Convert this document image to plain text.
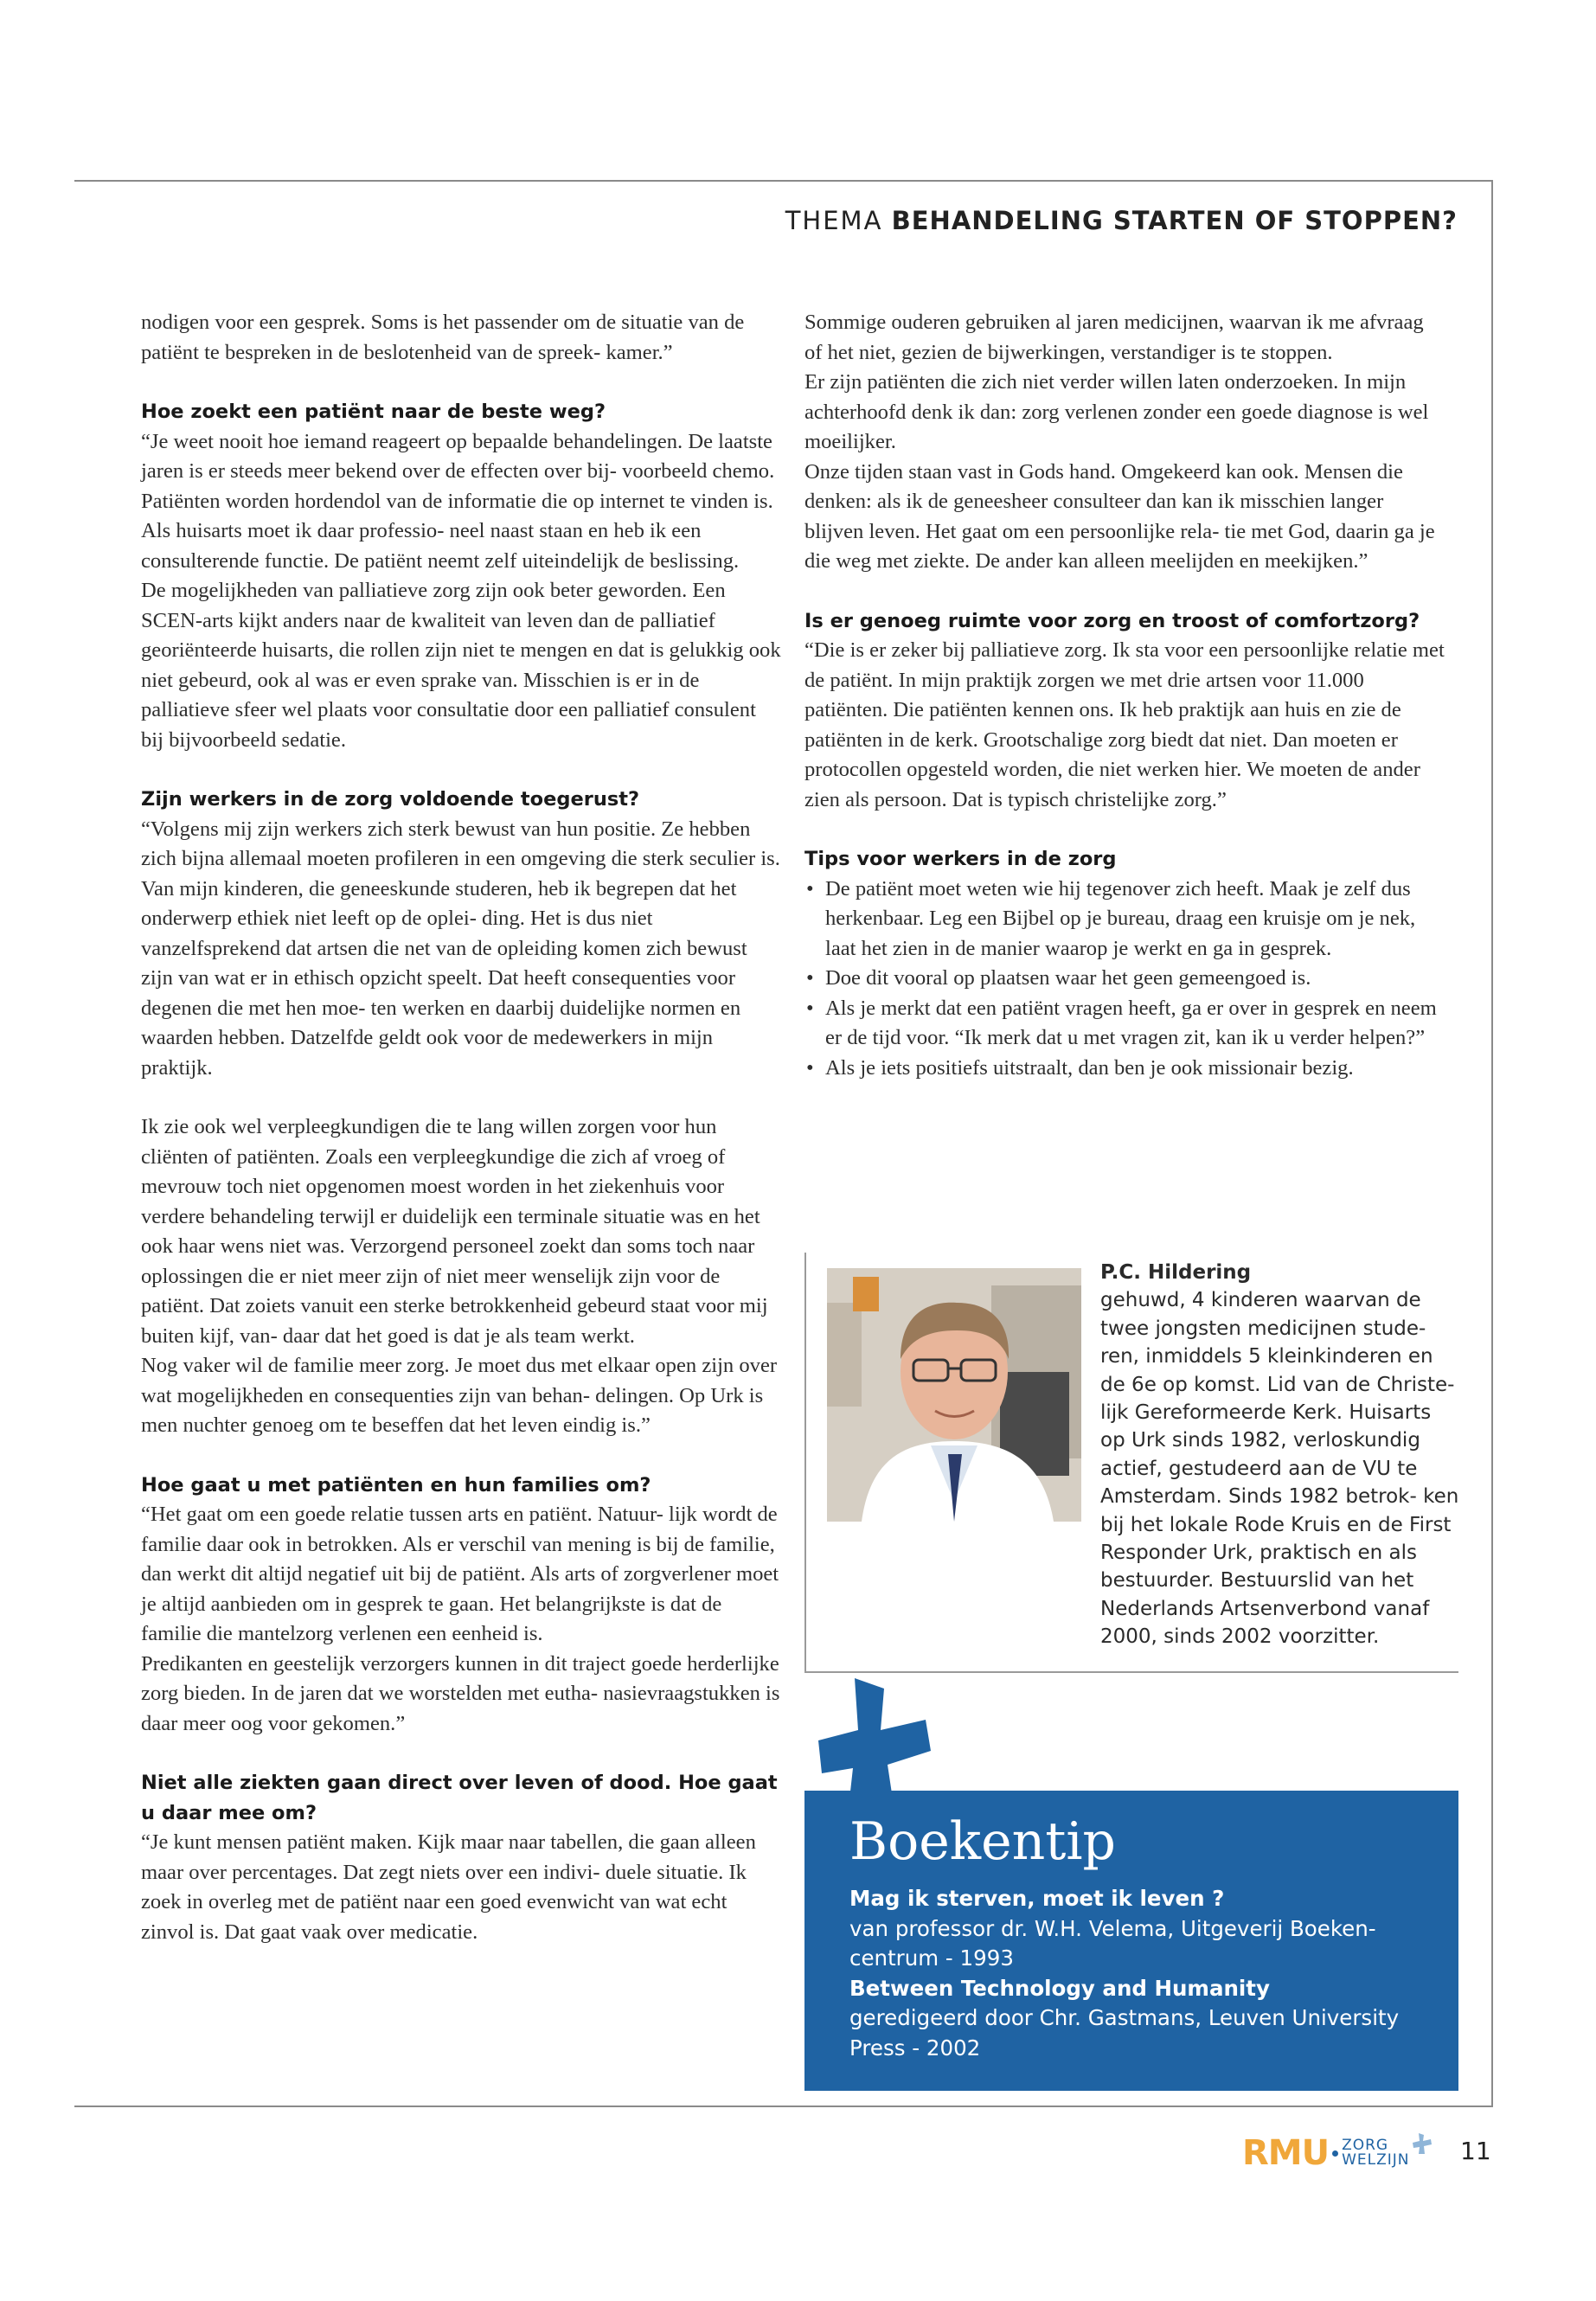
THEMA BEHANDELING STARTEN OF STOPPEN?

nodigen voor een gesprek. Soms is het passender om de situatie van de patiënt te bespreken in de beslotenheid van de spreek- kamer.”

Hoe zoekt een patiënt naar de beste weg?

“Je weet nooit hoe iemand reageert op bepaalde behandelingen. De laatste jaren is er steeds meer bekend over de effecten over bij- voorbeeld chemo. Patiënten worden hordendol van de informatie die op internet te vinden is. Als huisarts moet ik daar professio- neel naast staan en heb ik een consulterende functie. De patiënt neemt zelf uiteindelijk de beslissing.

De mogelijkheden van palliatieve zorg zijn ook beter geworden. Een SCEN-arts kijkt anders naar de kwaliteit van leven dan de palliatief georiënteerde huisarts, die rollen zijn niet te mengen en dat is gelukkig ook niet gebeurd, ook al was er even sprake van. Misschien is er in de palliatieve sfeer wel plaats voor consultatie door een palliatief consulent bij bijvoorbeeld sedatie.

Zijn werkers in de zorg voldoende toegerust?

“Volgens mij zijn werkers zich sterk bewust van hun positie. Ze hebben zich bijna allemaal moeten profileren in een omgeving die sterk seculier is. Van mijn kinderen, die geneeskunde studeren, heb ik begrepen dat het onderwerp ethiek niet leeft op de oplei- ding. Het is dus niet vanzelfsprekend dat artsen die net van de opleiding komen zich bewust zijn van wat er in ethisch opzicht speelt. Dat heeft consequenties voor degenen die met hen moe- ten werken en daarbij duidelijke normen en waarden hebben. Datzelfde geldt ook voor de medewerkers in mijn praktijk.

Ik zie ook wel verpleegkundigen die te lang willen zorgen voor hun cliënten of patiënten. Zoals een verpleegkundige die zich af vroeg of mevrouw toch niet opgenomen moest worden in het ziekenhuis voor verdere behandeling terwijl er duidelijk een terminale situatie was en het ook haar wens niet was. Verzorgend personeel zoekt dan soms toch naar oplossingen die er niet meer zijn of niet meer wenselijk zijn voor de patiënt. Dat zoiets vanuit een sterke betrokkenheid gebeurd staat voor mij buiten kijf, van- daar dat het goed is dat je als team werkt.

Nog vaker wil de familie meer zorg. Je moet dus met elkaar open zijn over wat mogelijkheden en consequenties zijn van behan- delingen. Op Urk is men nuchter genoeg om te beseffen dat het leven eindig is.”

Hoe gaat u met patiënten en hun families om?

“Het gaat om een goede relatie tussen arts en patiënt. Natuur- lijk wordt de familie daar ook in betrokken. Als er verschil van mening is bij de familie, dan werkt dit altijd negatief uit bij de patiënt. Als arts of zorgverlener moet je altijd aanbieden om in gesprek te gaan. Het belangrijkste is dat de familie die mantelzorg verlenen een eenheid is.

Predikanten en geestelijk verzorgers kunnen in dit traject goede herderlijke zorg bieden. In de jaren dat we worstelden met eutha- nasievraagstukken is daar meer oog voor gekomen.”

Niet alle ziekten gaan direct over leven of dood. Hoe gaat u daar mee om?

“Je kunt mensen patiënt maken. Kijk maar naar tabellen, die gaan alleen maar over percentages. Dat zegt niets over een indivi- duele situatie. Ik zoek in overleg met de patiënt naar een goed evenwicht van wat echt zinvol is. Dat gaat vaak over medicatie.

Sommige ouderen gebruiken al jaren medicijnen, waarvan ik me afvraag of het niet, gezien de bijwerkingen, verstandiger is te stoppen.

Er zijn patiënten die zich niet verder willen laten onderzoeken. In mijn achterhoofd denk ik dan: zorg verlenen zonder een goede diagnose is wel moeilijker.

Onze tijden staan vast in Gods hand. Omgekeerd kan ook. Mensen die denken: als ik de geneesheer consulteer dan kan ik misschien langer blijven leven. Het gaat om een persoonlijke rela- tie met God, daarin ga je die weg met ziekte. De ander kan alleen meelijden en meekijken.”

Is er genoeg ruimte voor zorg en troost of comfortzorg?

“Die is er zeker bij palliatieve zorg. Ik sta voor een persoonlijke relatie met de patiënt. In mijn praktijk zorgen we met drie artsen voor 11.000 patiënten. Die patiënten kennen ons. Ik heb praktijk aan huis en zie de patiënten in de kerk. Grootschalige zorg biedt dat niet. Dan moeten er protocollen opgesteld worden, die niet werken hier. We moeten de ander zien als persoon. Dat is typisch christelijke zorg.”

Tips voor werkers in de zorg
• De patiënt moet weten wie hij tegenover zich heeft. Maak je zelf dus herkenbaar. Leg een Bijbel op je bureau, draag een kruisje om je nek, laat het zien in de manier waarop je werkt en ga in gesprek.
• Doe dit vooral op plaatsen waar het geen gemeengoed is.
• Als je merkt dat een patiënt vragen heeft, ga er over in gesprek en neem er de tijd voor. “Ik merk dat u met vragen zit, kan ik u verder helpen?”
• Als je iets positiefs uitstraalt, dan ben je ook missionair bezig.
P.C. Hildering
gehuwd, 4 kinderen waarvan de twee jongsten medicijnen stude- ren, inmiddels 5 kleinkinderen en de 6e op komst. Lid van de Christe- lijk Gereformeerde Kerk. Huisarts op Urk sinds 1982, verloskundig actief, gestudeerd aan de VU te Amsterdam. Sinds 1982 betrok- ken bij het lokale Rode Kruis en de First Responder Urk, praktisch en als bestuurder. Bestuurslid van het Nederlands Artsenverbond vanaf 2000, sinds 2002 voorzitter.
Boekentip
Mag ik sterven, moet ik leven ?
van professor dr. W.H. Velema, Uitgeverij Boeken- centrum - 1993
Between Technology and Humanity
geredigeerd door Chr. Gastmans, Leuven University Press - 2002
RMU ZORG
WELZIJN	11
